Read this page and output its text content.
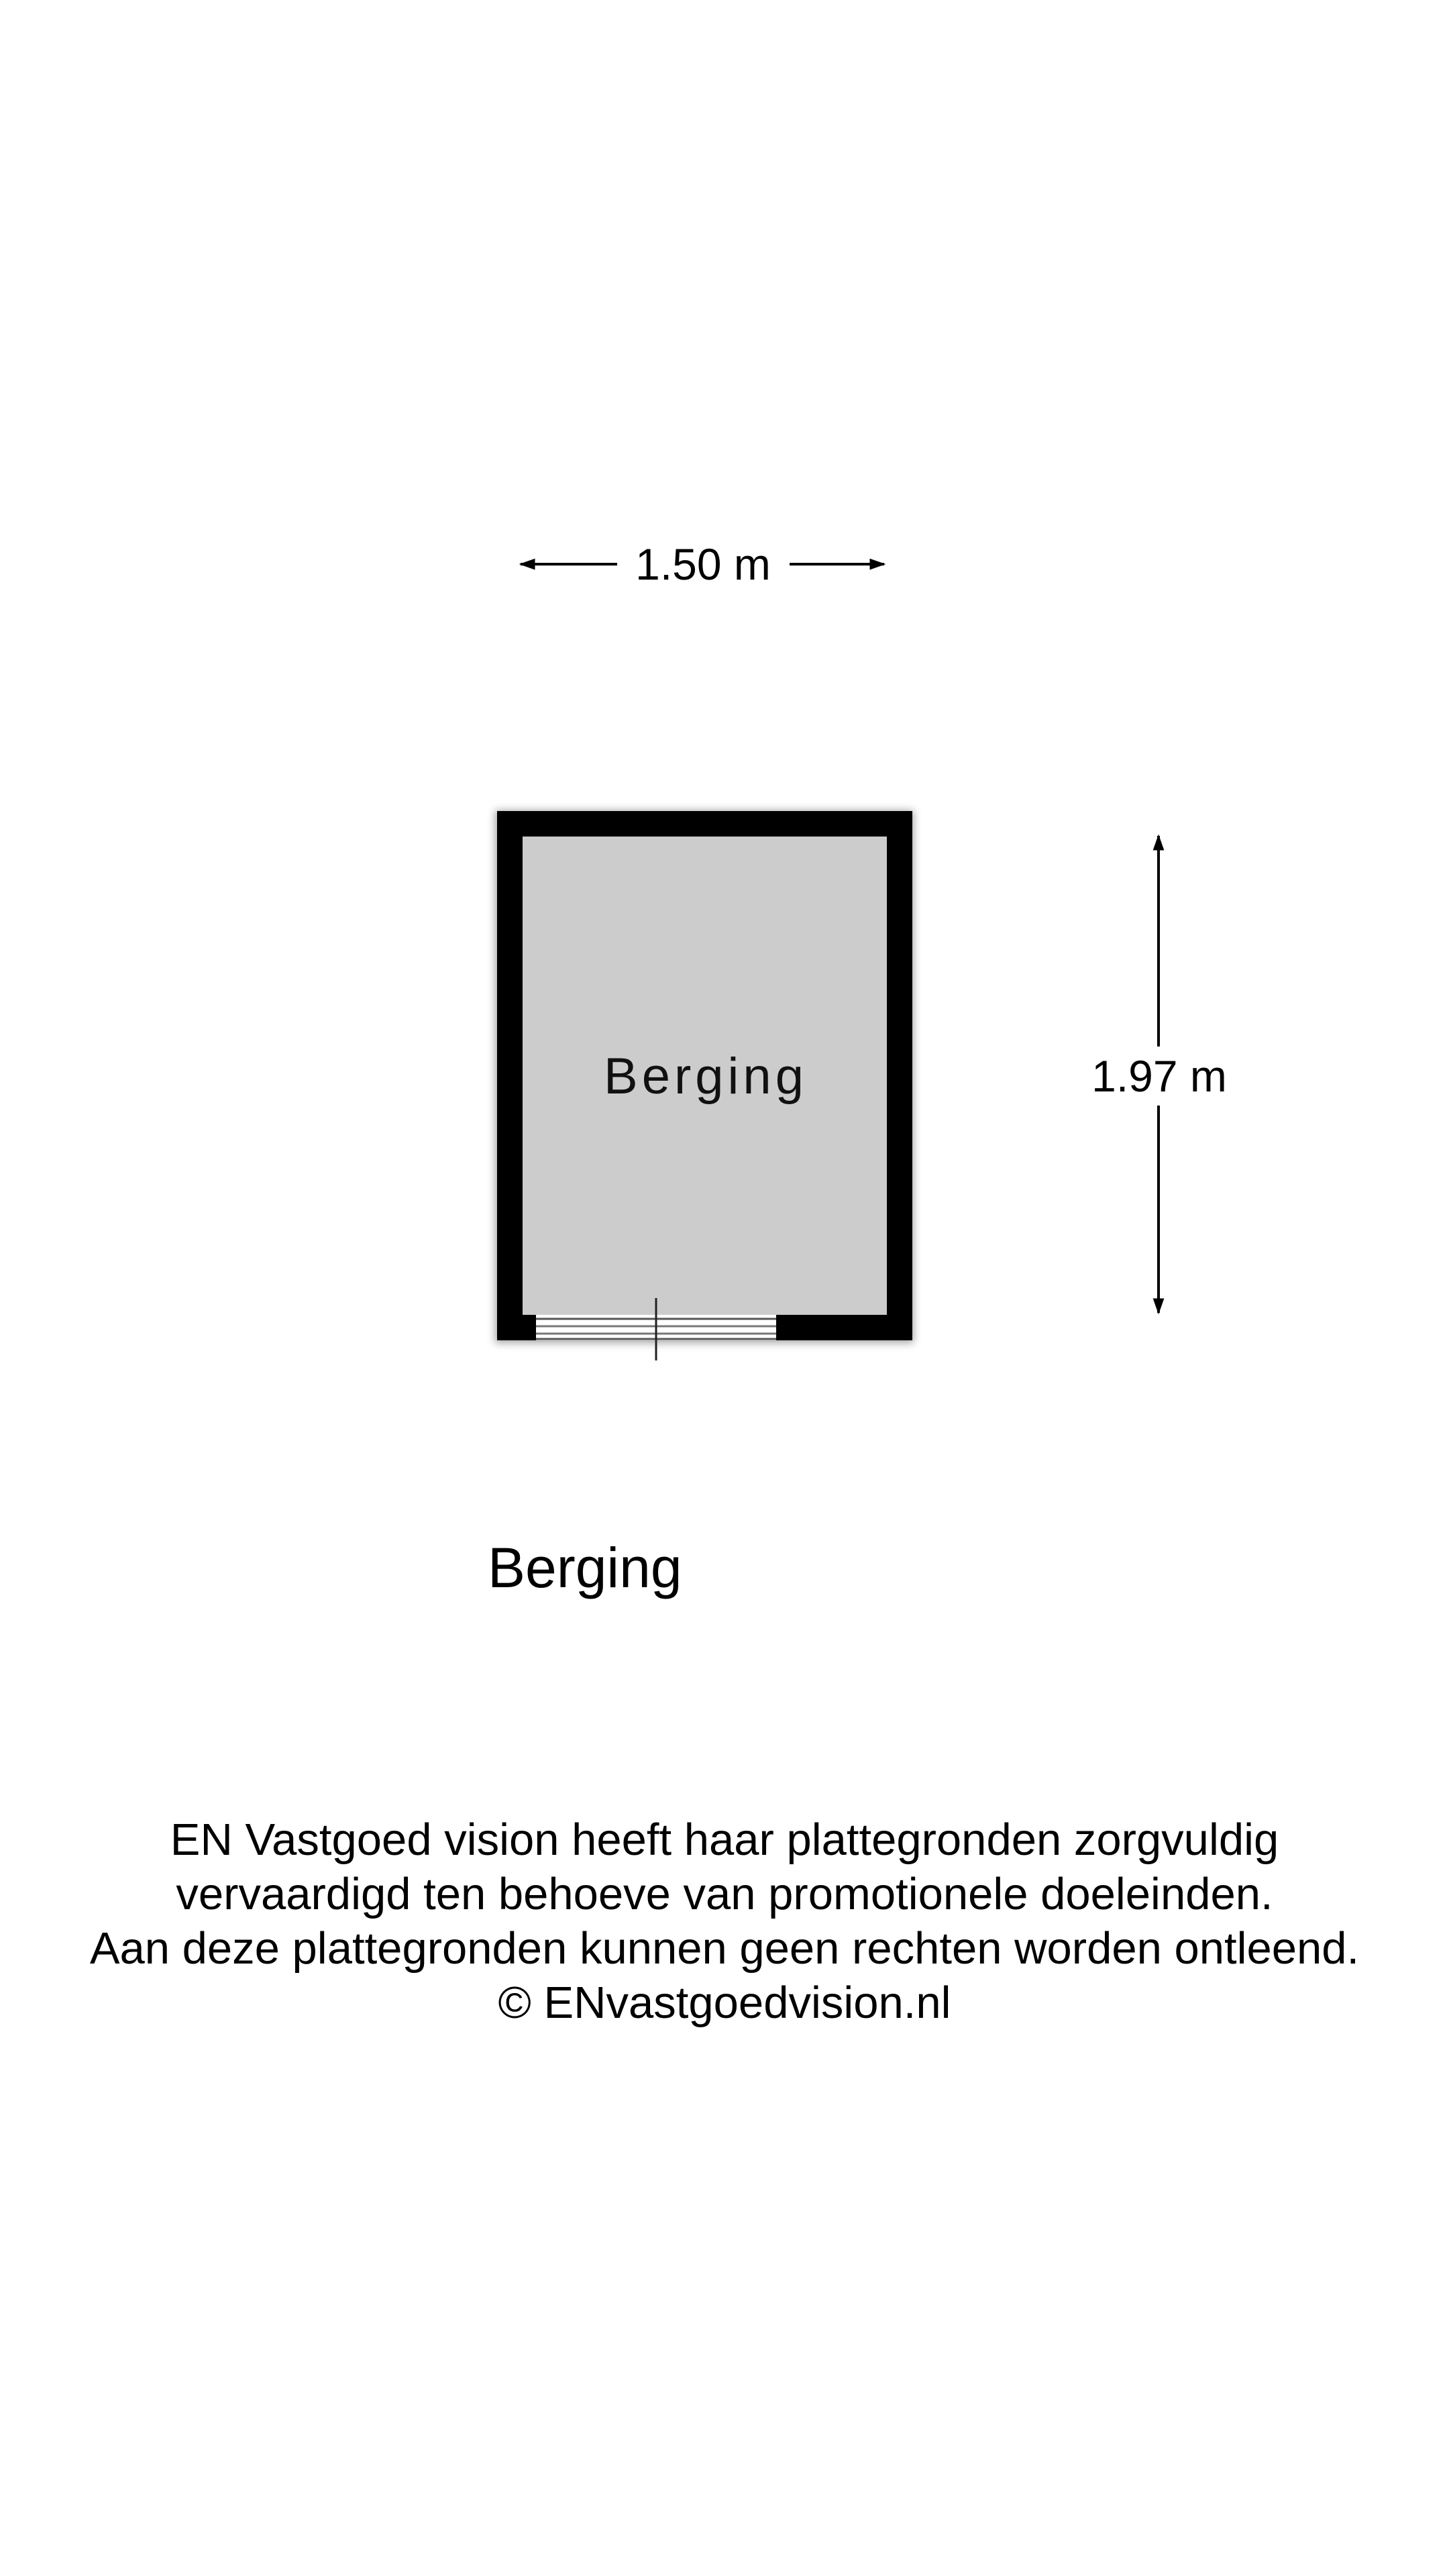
1.50 m
1.97 m
Berging
Berging
EN Vastgoed vision heeft haar plattegronden zorgvuldig
vervaardigd ten behoeve van promotionele doeleinden.
Aan deze plattegronden kunnen geen rechten worden ontleend.
© ENvastgoedvision.nl
